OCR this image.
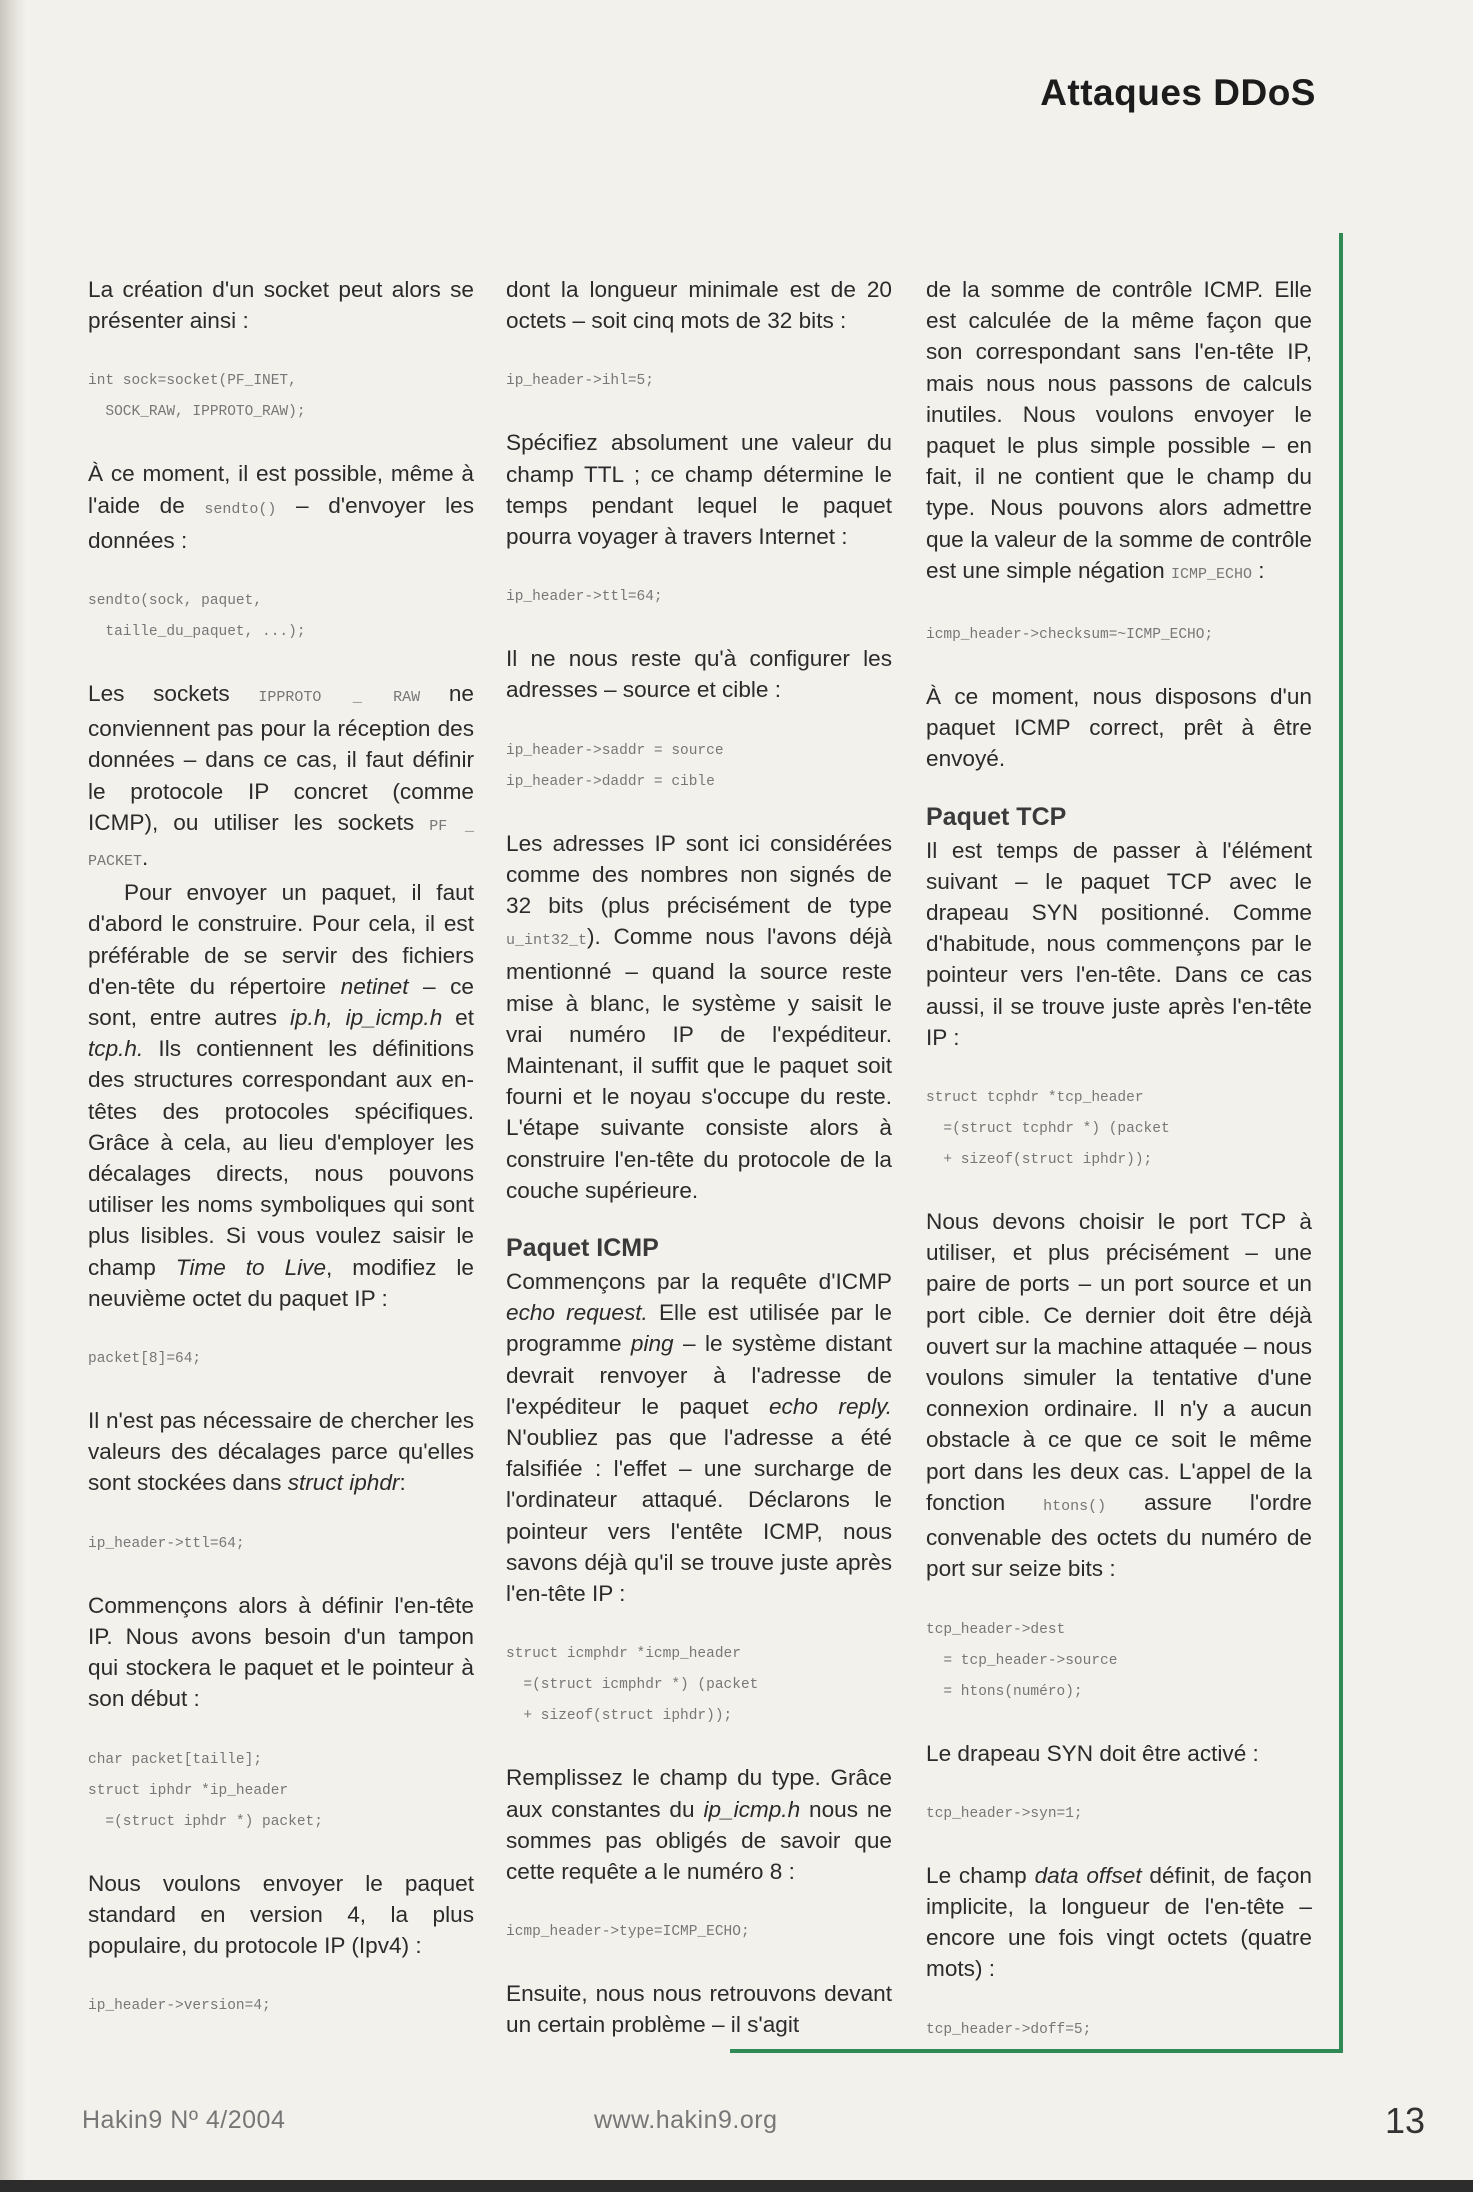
Attaques DDoS

La création d'un socket peut alors se présenter ainsi :

int sock=socket(PF_INET,
SOCK_RAW, IPPROTO_RAW);

À ce moment, il est possible, même à l'aide de sendto() – d'envoyer les données :

sendto(sock, paquet,
taille_du_paquet, ...);

Les sockets IPPROTO _ RAW ne conviennent pas pour la réception des données – dans ce cas, il faut définir le protocole IP concret (comme ICMP), ou utiliser les sockets PF _ PACKET.

Pour envoyer un paquet, il faut d'abord le construire. Pour cela, il est préférable de se servir des fichiers d'en-tête du répertoire netinet – ce sont, entre autres ip.h, ip_icmp.h et tcp.h. Ils contiennent les définitions des structures correspondant aux en-têtes des protocoles spécifiques. Grâce à cela, au lieu d'employer les décalages directs, nous pouvons utiliser les noms symboliques qui sont plus lisibles. Si vous voulez saisir le champ Time to Live, modifiez le neuvième octet du paquet IP :

packet[8]=64;

Il n'est pas nécessaire de chercher les valeurs des décalages parce qu'elles sont stockées dans struct iphdr:

ip_header->ttl=64;

Commençons alors à définir l'en-tête IP. Nous avons besoin d'un tampon qui stockera le paquet et le pointeur à son début :

char packet[taille];
struct iphdr *ip_header
=(struct iphdr *) packet;

Nous voulons envoyer le paquet standard en version 4, la plus populaire, du protocole IP (Ipv4) :

ip_header->version=4;

dont la longueur minimale est de 20 octets – soit cinq mots de 32 bits :

ip_header->ihl=5;

Spécifiez absolument une valeur du champ TTL ; ce champ détermine le temps pendant lequel le paquet pourra voyager à travers Internet :

ip_header->ttl=64;

Il ne nous reste qu'à configurer les adresses – source et cible :

ip_header->saddr = source
ip_header->daddr = cible

Les adresses IP sont ici considérées comme des nombres non signés de 32 bits (plus précisément de type u_int32_t). Comme nous l'avons déjà mentionné – quand la source reste mise à blanc, le système y saisit le vrai numéro IP de l'expéditeur. Maintenant, il suffit que le paquet soit fourni et le noyau s'occupe du reste. L'étape suivante consiste alors à construire l'en-tête du protocole de la couche supérieure.

Paquet ICMP

Commençons par la requête d'ICMP echo request. Elle est utilisée par le programme ping – le système distant devrait renvoyer à l'adresse de l'expéditeur le paquet echo reply. N'oubliez pas que l'adresse a été falsifiée : l'effet – une surcharge de l'ordinateur attaqué. Déclarons le pointeur vers l'entête ICMP, nous savons déjà qu'il se trouve juste après l'en-tête IP :

struct icmphdr *icmp_header
=(struct icmphdr *) (packet
+ sizeof(struct iphdr));

Remplissez le champ du type. Grâce aux constantes du ip_icmp.h nous ne sommes pas obligés de savoir que cette requête a le numéro 8 :

icmp_header->type=ICMP_ECHO;

Ensuite, nous nous retrouvons devant un certain problème – il s'agit

de la somme de contrôle ICMP. Elle est calculée de la même façon que son correspondant sans l'en-tête IP, mais nous nous passons de calculs inutiles. Nous voulons envoyer le paquet le plus simple possible – en fait, il ne contient que le champ du type. Nous pouvons alors admettre que la valeur de la somme de contrôle est une simple négation ICMP_ECHO :

icmp_header->checksum=~ICMP_ECHO;

À ce moment, nous disposons d'un paquet ICMP correct, prêt à être envoyé.

Paquet TCP

Il est temps de passer à l'élément suivant – le paquet TCP avec le drapeau SYN positionné. Comme d'habitude, nous commençons par le pointeur vers l'en-tête. Dans ce cas aussi, il se trouve juste après l'en-tête IP :

struct tcphdr *tcp_header
=(struct tcphdr *) (packet
+ sizeof(struct iphdr));

Nous devons choisir le port TCP à utiliser, et plus précisément – une paire de ports – un port source et un port cible. Ce dernier doit être déjà ouvert sur la machine attaquée – nous voulons simuler la tentative d'une connexion ordinaire. Il n'y a aucun obstacle à ce que ce soit le même port dans les deux cas. L'appel de la fonction htons() assure l'ordre convenable des octets du numéro de port sur seize bits :

tcp_header->dest
= tcp_header->source
= htons(numéro);

Le drapeau SYN doit être activé :

tcp_header->syn=1;

Le champ data offset définit, de façon implicite, la longueur de l'en-tête – encore une fois vingt octets (quatre mots) :

tcp_header->doff=5;
Hakin9 Nº 4/2004	www.hakin9.org	13
